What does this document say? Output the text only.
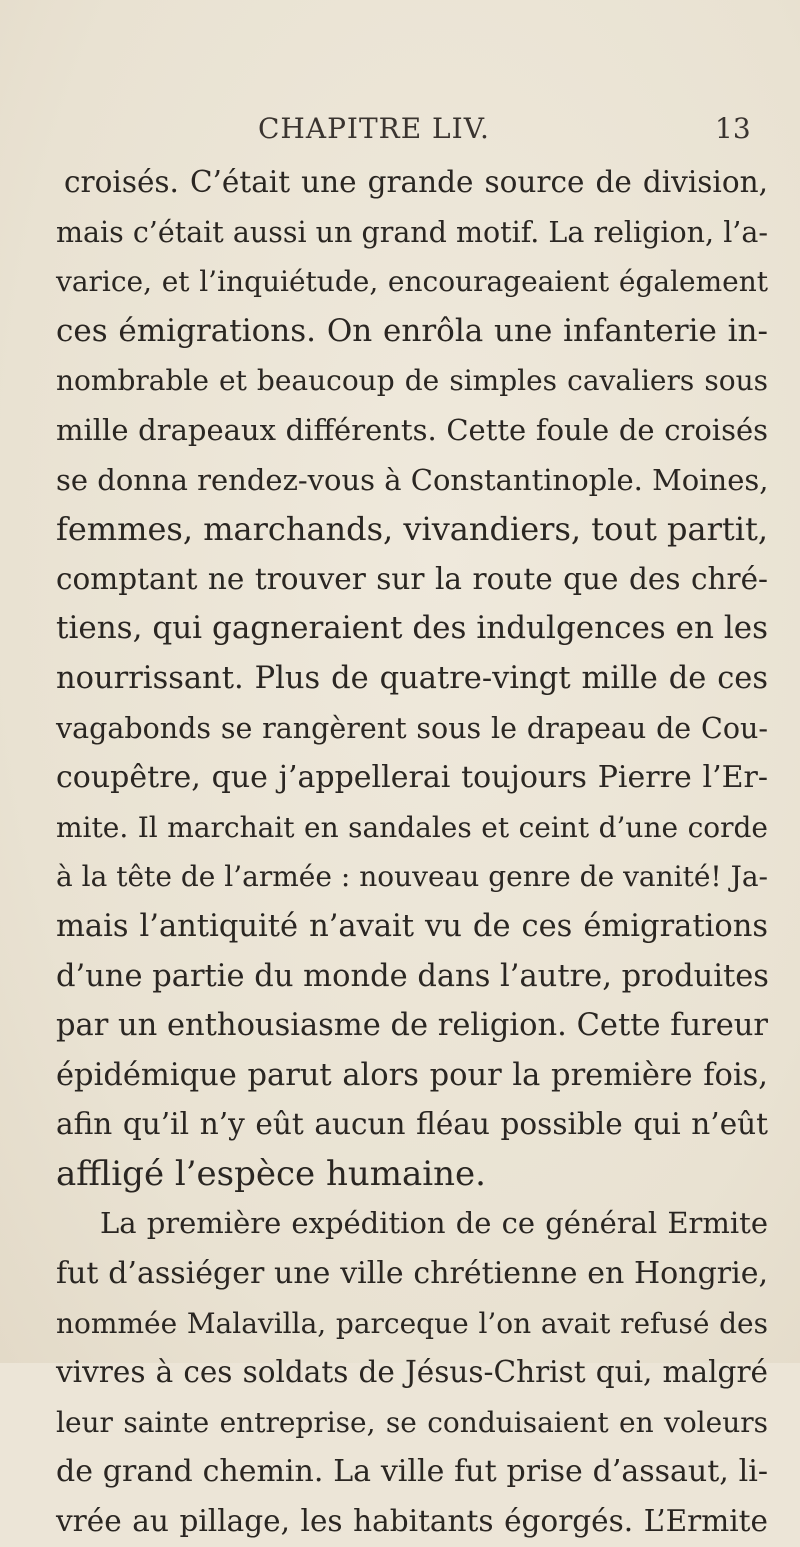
CHAPITRE LIV.	13
croisés. C’était une grande source de division,
mais c’était aussi un grand motif. La religion, l’a-
varice, et l’inquiétude, encourageaient également
ces émigrations. On enrôla une infanterie in-
nombrable et beaucoup de simples cavaliers sous
mille drapeaux différents. Cette foule de croisés
se donna rendez-vous à Constantinople. Moines,
femmes, marchands, vivandiers, tout partit,
comptant ne trouver sur la route que des chré-
tiens, qui gagneraient des indulgences en les
nourrissant. Plus de quatre-vingt mille de ces
vagabonds se rangèrent sous le drapeau de Cou-
coupêtre, que j’appellerai toujours Pierre l’Er-
mite. Il marchait en sandales et ceint d’une corde
à la tête de l’armée : nouveau genre de vanité! Ja-
mais l’antiquité n’avait vu de ces émigrations
d’une partie du monde dans l’autre, produites
par un enthousiasme de religion. Cette fureur
épidémique parut alors pour la première fois,
afin qu’il n’y eût aucun fléau possible qui n’eût
affligé l’espèce humaine.
La première expédition de ce général Ermite
fut d’assiéger une ville chrétienne en Hongrie,
nommée Malavilla, parceque l’on avait refusé des
vivres à ces soldats de Jésus-Christ qui, malgré
leur sainte entreprise, se conduisaient en voleurs
de grand chemin. La ville fut prise d’assaut, li-
vrée au pillage, les habitants égorgés. L’Ermite
